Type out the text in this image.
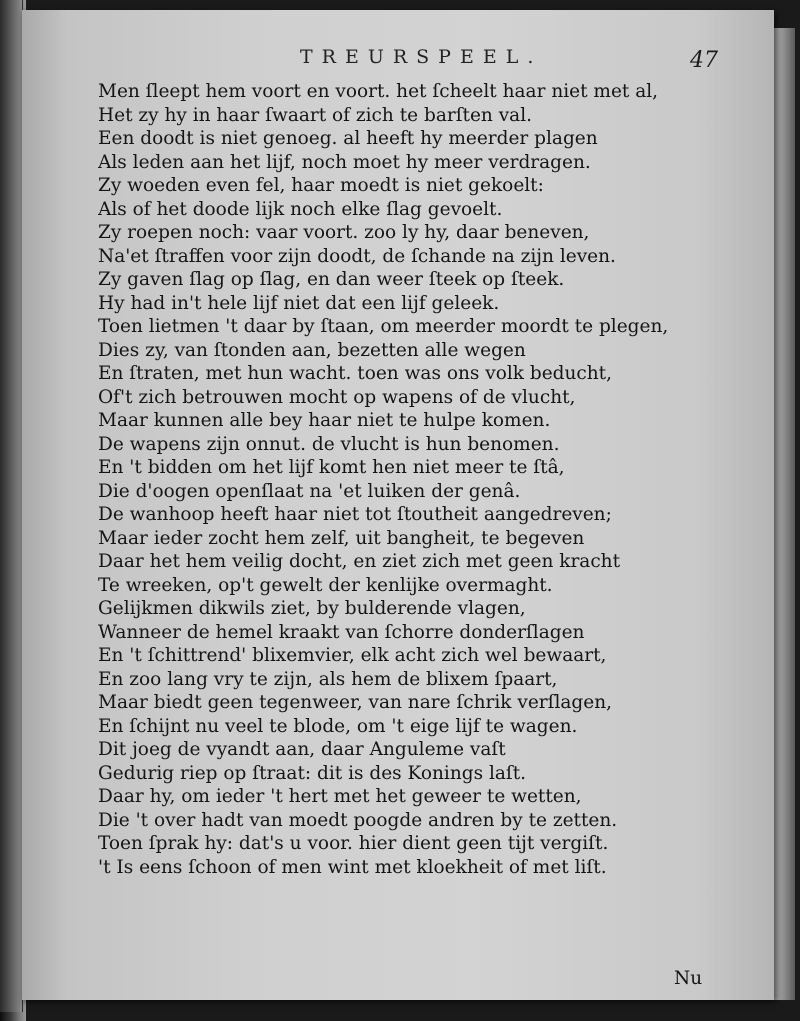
TREURSPEEL.	47
Men ſleept hem voort en voort. het ſcheelt haar niet met al,
Het zy hy in haar ſwaart of zich te barſten val.
Een doodt is niet genoeg. al heeft hy meerder plagen
Als leden aan het lijf, noch moet hy meer verdragen.
Zy woeden even fel, haar moedt is niet gekoelt:
Als of het doode lijk noch elke ſlag gevoelt.
Zy roepen noch: vaar voort. zoo ly hy, daar beneven,
Na'et ſtraffen voor zijn doodt, de ſchande na zijn leven.
Zy gaven ſlag op ſlag, en dan weer ſteek op ſteek.
Hy had in't hele lijf niet dat een lijf geleek.
Toen lietmen 't daar by ſtaan, om meerder moordt te plegen,
Dies zy, van ſtonden aan, bezetten alle wegen
En ſtraten, met hun wacht. toen was ons volk beducht,
Of't zich betrouwen mocht op wapens of de vlucht,
Maar kunnen alle bey haar niet te hulpe komen.
De wapens zijn onnut. de vlucht is hun benomen.
En 't bidden om het lijf komt hen niet meer te ſtâ,
Die d'oogen openſlaat na 'et luiken der genâ.
De wanhoop heeft haar niet tot ſtoutheit aangedreven;
Maar ieder zocht hem zelf, uit bangheit, te begeven
Daar het hem veilig docht, en ziet zich met geen kracht
Te wreeken, op't gewelt der kenlijke overmaght.
Gelijkmen dikwils ziet, by bulderende vlagen,
Wanneer de hemel kraakt van ſchorre donderſlagen
En 't ſchittrend' blixemvier, elk acht zich wel bewaart,
En zoo lang vry te zijn, als hem de blixem ſpaart,
Maar biedt geen tegenweer, van nare ſchrik verſlagen,
En ſchijnt nu veel te blode, om 't eige lijf te wagen.
Dit joeg de vyandt aan, daar Anguleme vaſt
Gedurig riep op ſtraat: dit is des Konings laſt.
Daar hy, om ieder 't hert met het geweer te wetten,
Die 't over hadt van moedt poogde andren by te zetten.
Toen ſprak hy: dat's u voor. hier dient geen tijt vergiſt.
't Is eens ſchoon of men wint met kloekheit of met liſt.
Nu
